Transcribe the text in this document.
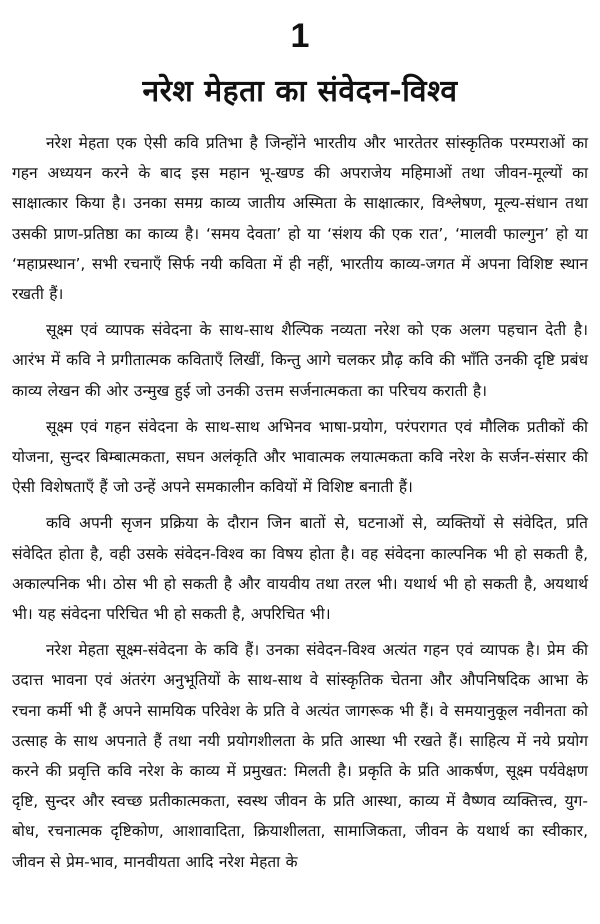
1
नरेश मेहता का संवेदन-विश्व

नरेश मेहता एक ऐसी कवि प्रतिभा है जिन्होंने भारतीय और भारतेतर सांस्कृतिक परम्पराओं का गहन अध्ययन करने के बाद इस महान भू-खण्ड की अपराजेय महिमाओं तथा जीवन-मूल्यों का साक्षात्कार किया है। उनका समग्र काव्य जातीय अस्मिता के साक्षात्कार, विश्लेषण, मूल्य-संधान तथा उसकी प्राण-प्रतिष्ठा का काव्य है। ‘समय देवता’ हो या ‘संशय की एक रात’, ‘मालवी फाल्गुन’ हो या ‘महाप्रस्थान’, सभी रचनाएँ सिर्फ नयी कविता में ही नहीं, भारतीय काव्य-जगत में अपना विशिष्ट स्थान रखती हैं।

सूक्ष्म एवं व्यापक संवेदना के साथ-साथ शैल्पिक नव्यता नरेश को एक अलग पहचान देती है। आरंभ में कवि ने प्रगीतात्मक कविताएँ लिखीं, किन्तु आगे चलकर प्रौढ़ कवि की भाँति उनकी दृष्टि प्रबंध काव्य लेखन की ओर उन्मुख हुई जो उनकी उत्तम सर्जनात्मकता का परिचय कराती है।

सूक्ष्म एवं गहन संवेदना के साथ-साथ अभिनव भाषा-प्रयोग, परंपरागत एवं मौलिक प्रतीकों की योजना, सुन्दर बिम्बात्मकता, सघन अलंकृति और भावात्मक लयात्मकता कवि नरेश के सर्जन-संसार की ऐसी विशेषताएँ हैं जो उन्हें अपने समकालीन कवियों में विशिष्ट बनाती हैं।

कवि अपनी सृजन प्रक्रिया के दौरान जिन बातों से, घटनाओं से, व्यक्तियों से संवेदित, प्रति संवेदित होता है, वही उसके संवेदन-विश्व का विषय होता है। वह संवेदना काल्पनिक भी हो सकती है, अकाल्पनिक भी। ठोस भी हो सकती है और वायवीय तथा तरल भी। यथार्थ भी हो सकती है, अयथार्थ भी। यह संवेदना परिचित भी हो सकती है, अपरिचित भी।

नरेश मेहता सूक्ष्म-संवेदना के कवि हैं। उनका संवेदन-विश्व अत्यंत गहन एवं व्यापक है। प्रेम की उदात्त भावना एवं अंतरंग अनुभूतियों के साथ-साथ वे सांस्कृतिक चेतना और औपनिषदिक आभा के रचना कर्मी भी हैं अपने सामयिक परिवेश के प्रति वे अत्यंत जागरूक भी हैं। वे समयानुकूल नवीनता को उत्साह के साथ अपनाते हैं तथा नयी प्रयोगशीलता के प्रति आस्था भी रखते हैं। साहित्य में नये प्रयोग करने की प्रवृत्ति कवि नरेश के काव्य में प्रमुखत: मिलती है। प्रकृति के प्रति आकर्षण, सूक्ष्म पर्यवेक्षण दृष्टि, सुन्दर और स्वच्छ प्रतीकात्मकता, स्वस्थ जीवन के प्रति आस्था, काव्य में वैष्णव व्यक्तित्त्व, युग-बोध, रचनात्मक दृष्टिकोण, आशावादिता, क्रियाशीलता, सामाजिकता, जीवन के यथार्थ का स्वीकार, जीवन से प्रेम-भाव, मानवीयता आदि नरेश मेहता के
